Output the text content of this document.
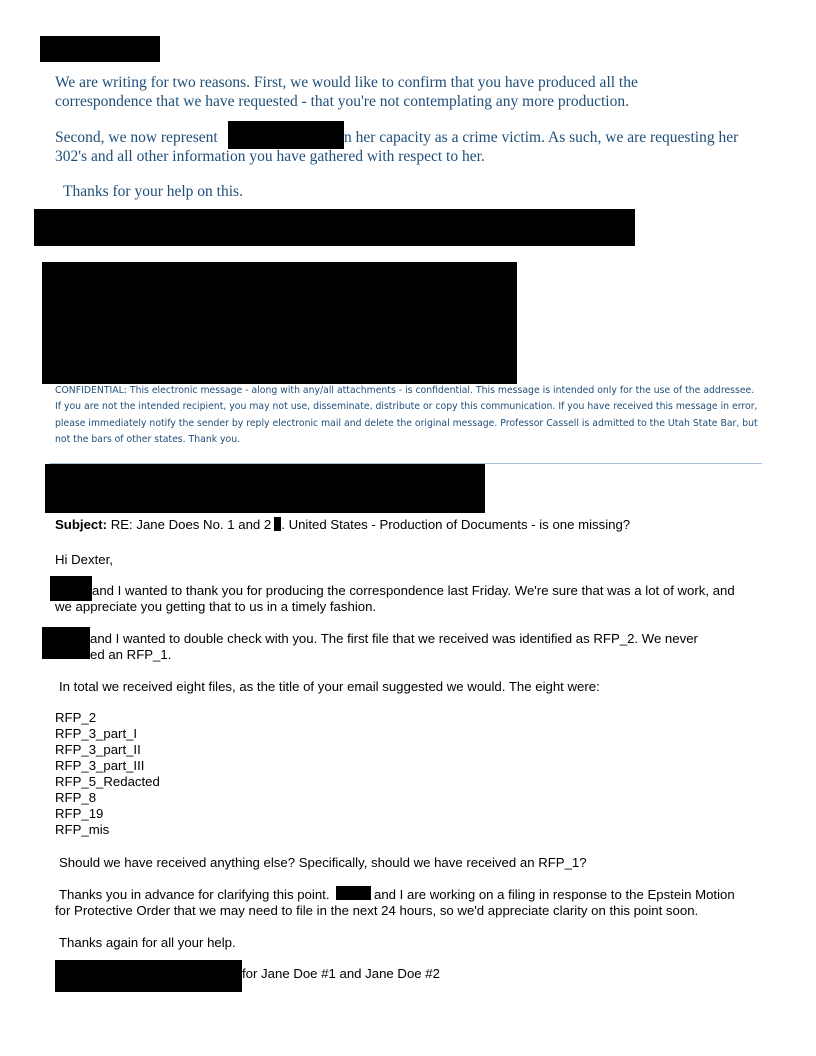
We are writing for two reasons. First, we would like to confirm that you have produced all the
correspondence that we have requested - that you're not contemplating any more production.
Second, we now represent	n her capacity as a crime victim. As such, we are requesting her
302's and all other information you have gathered with respect to her.
Thanks for your help on this.
CONFIDENTIAL: This electronic message - along with any/all attachments - is confidential. This message is intended only for the use of the addressee. If you are not the intended recipient, you may not use, disseminate, distribute or copy this communication. If you have received this message in error, please immediately notify the sender by reply electronic mail and delete the original message. Professor Cassell is admitted to the Utah State Bar, but not the bars of other states. Thank you.
Subject: RE: Jane Does No. 1 and 2 . United States - Production of Documents - is one missing?
Hi Dexter,
and I wanted to thank you for producing the correspondence last Friday. We're sure that was a lot of work, and
we appreciate you getting that to us in a timely fashion.
and I wanted to double check with you. The first file that we received was identified as RFP_2. We never
ed an RFP_1.
In total we received eight files, as the title of your email suggested we would. The eight were:
RFP_2
RFP_3_part_I
RFP_3_part_II
RFP_3_part_III
RFP_5_Redacted
RFP_8
RFP_19
RFP_mis
Should we have received anything else? Specifically, should we have received an RFP_1?
Thanks you in advance for clarifying this point.	and I are working on a filing in response to the Epstein Motion
for Protective Order that we may need to file in the next 24 hours, so we'd appreciate clarity on this point soon.
Thanks again for all your help.
for Jane Doe #1 and Jane Doe #2
